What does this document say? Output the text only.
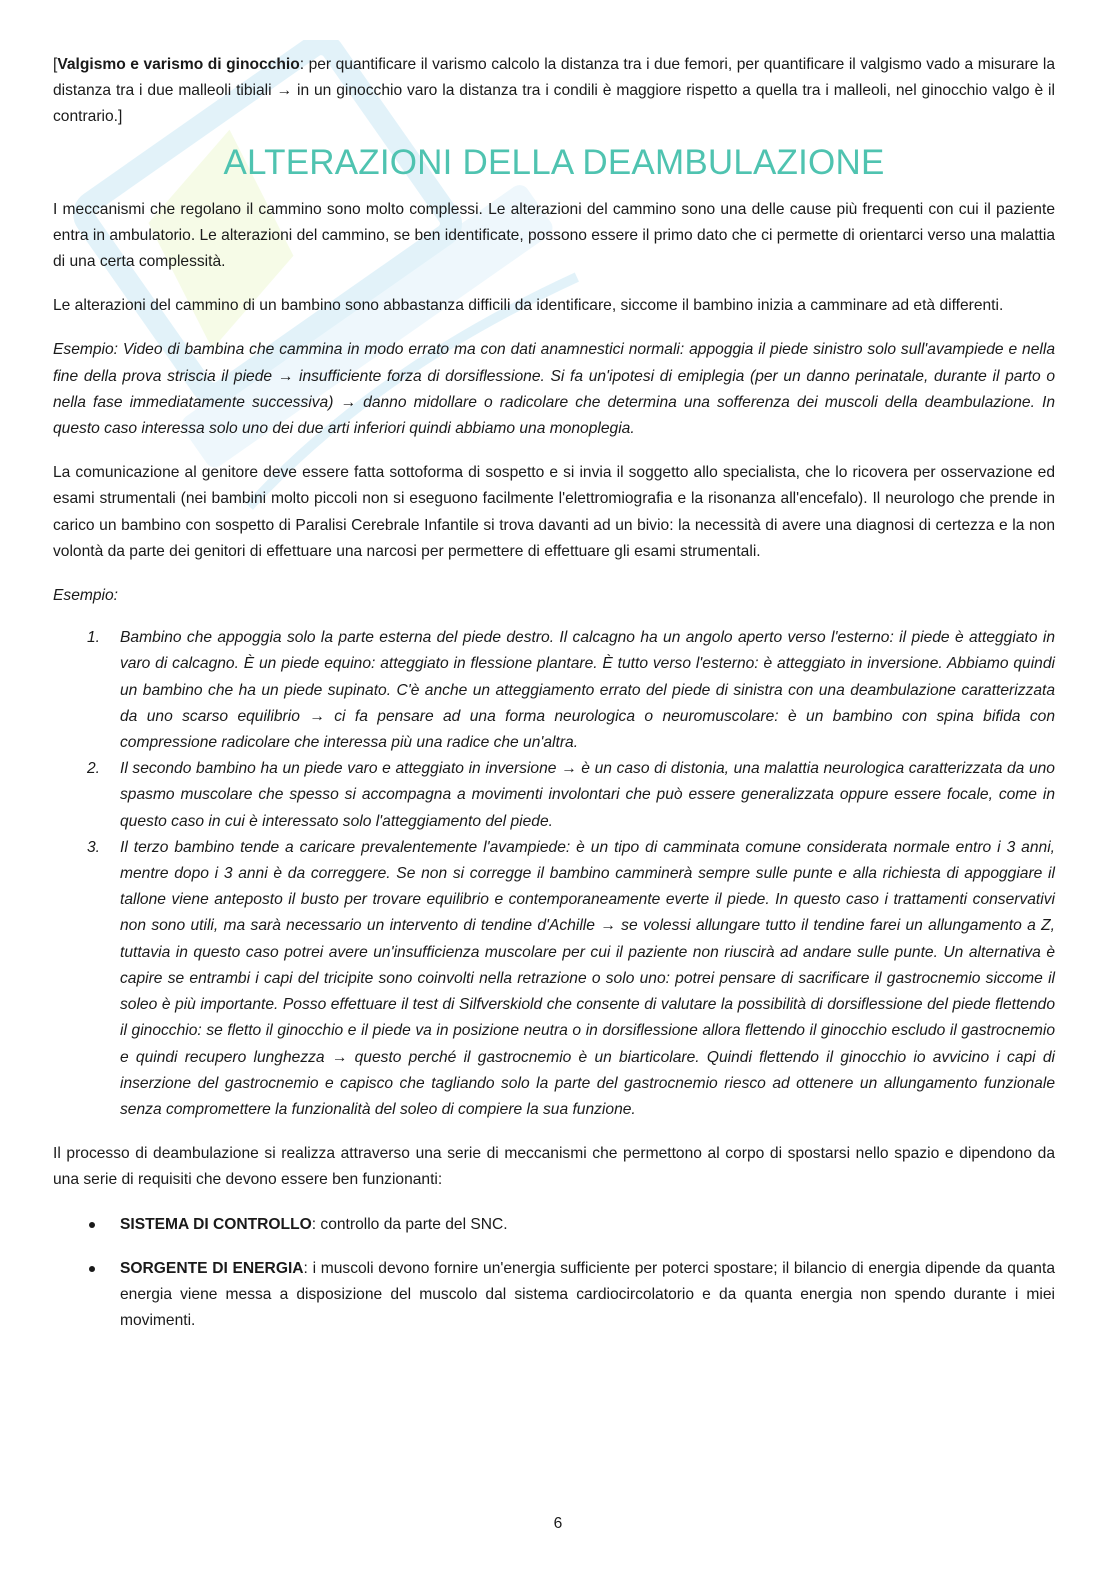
[Valgismo e varismo di ginocchio: per quantificare il varismo calcolo la distanza tra i due femori, per quantificare il valgismo vado a misurare la distanza tra i due malleoli tibiali → in un ginocchio varo la distanza tra i condili è maggiore rispetto a quella tra i malleoli, nel ginocchio valgo è il contrario.]

ALTERAZIONI DELLA DEAMBULAZIONE

I meccanismi che regolano il cammino sono molto complessi. Le alterazioni del cammino sono una delle cause più frequenti con cui il paziente entra in ambulatorio. Le alterazioni del cammino, se ben identificate, possono essere il primo dato che ci permette di orientarci verso una malattia di una certa complessità.

Le alterazioni del cammino di un bambino sono abbastanza difficili da identificare, siccome il bambino inizia a camminare ad età differenti.

Esempio: Video di bambina che cammina in modo errato ma con dati anamnestici normali: appoggia il piede sinistro solo sull'avampiede e nella fine della prova striscia il piede → insufficiente forza di dorsiflessione. Si fa un'ipotesi di emiplegia (per un danno perinatale, durante il parto o nella fase immediatamente successiva) → danno midollare o radicolare che determina una sofferenza dei muscoli della deambulazione. In questo caso interessa solo uno dei due arti inferiori quindi abbiamo una monoplegia.

La comunicazione al genitore deve essere fatta sottoforma di sospetto e si invia il soggetto allo specialista, che lo ricovera per osservazione ed esami strumentali (nei bambini molto piccoli non si eseguono facilmente l'elettromiografia e la risonanza all'encefalo). Il neurologo che prende in carico un bambino con sospetto di Paralisi Cerebrale Infantile si trova davanti ad un bivio: la necessità di avere una diagnosi di certezza e la non volontà da parte dei genitori di effettuare una narcosi per permettere di effettuare gli esami strumentali.

Esempio:

1. Bambino che appoggia solo la parte esterna del piede destro. Il calcagno ha un angolo aperto verso l'esterno: il piede è atteggiato in varo di calcagno. È un piede equino: atteggiato in flessione plantare. È tutto verso l'esterno: è atteggiato in inversione. Abbiamo quindi un bambino che ha un piede supinato. C'è anche un atteggiamento errato del piede di sinistra con una deambulazione caratterizzata da uno scarso equilibrio → ci fa pensare ad una forma neurologica o neuromuscolare: è un bambino con spina bifida con compressione radicolare che interessa più una radice che un'altra.
2. Il secondo bambino ha un piede varo e atteggiato in inversione → è un caso di distonia, una malattia neurologica caratterizzata da uno spasmo muscolare che spesso si accompagna a movimenti involontari che può essere generalizzata oppure essere focale, come in questo caso in cui è interessato solo l'atteggiamento del piede.
3. Il terzo bambino tende a caricare prevalentemente l'avampiede: è un tipo di camminata comune considerata normale entro i 3 anni, mentre dopo i 3 anni è da correggere. Se non si corregge il bambino camminerà sempre sulle punte e alla richiesta di appoggiare il tallone viene anteposto il busto per trovare equilibrio e contemporaneamente everte il piede. In questo caso i trattamenti conservativi non sono utili, ma sarà necessario un intervento di tendine d'Achille → se volessi allungare tutto il tendine farei un allungamento a Z, tuttavia in questo caso potrei avere un'insufficienza muscolare per cui il paziente non riuscirà ad andare sulle punte. Un alternativa è capire se entrambi i capi del tricipite sono coinvolti nella retrazione o solo uno: potrei pensare di sacrificare il gastrocnemio siccome il soleo è più importante. Posso effettuare il test di Silfverskiold che consente di valutare la possibilità di dorsiflessione del piede flettendo il ginocchio: se fletto il ginocchio e il piede va in posizione neutra o in dorsiflessione allora flettendo il ginocchio escludo il gastrocnemio e quindi recupero lunghezza → questo perché il gastrocnemio è un biarticolare. Quindi flettendo il ginocchio io avvicino i capi di inserzione del gastrocnemio e capisco che tagliando solo la parte del gastrocnemio riesco ad ottenere un allungamento funzionale senza compromettere la funzionalità del soleo di compiere la sua funzione.

Il processo di deambulazione si realizza attraverso una serie di meccanismi che permettono al corpo di spostarsi nello spazio e dipendono da una serie di requisiti che devono essere ben funzionanti:

SISTEMA DI CONTROLLO: controllo da parte del SNC.
SORGENTE DI ENERGIA: i muscoli devono fornire un'energia sufficiente per poterci spostare; il bilancio di energia dipende da quanta energia viene messa a disposizione del muscolo dal sistema cardiocircolatorio e da quanta energia non spendo durante i miei movimenti.
6
